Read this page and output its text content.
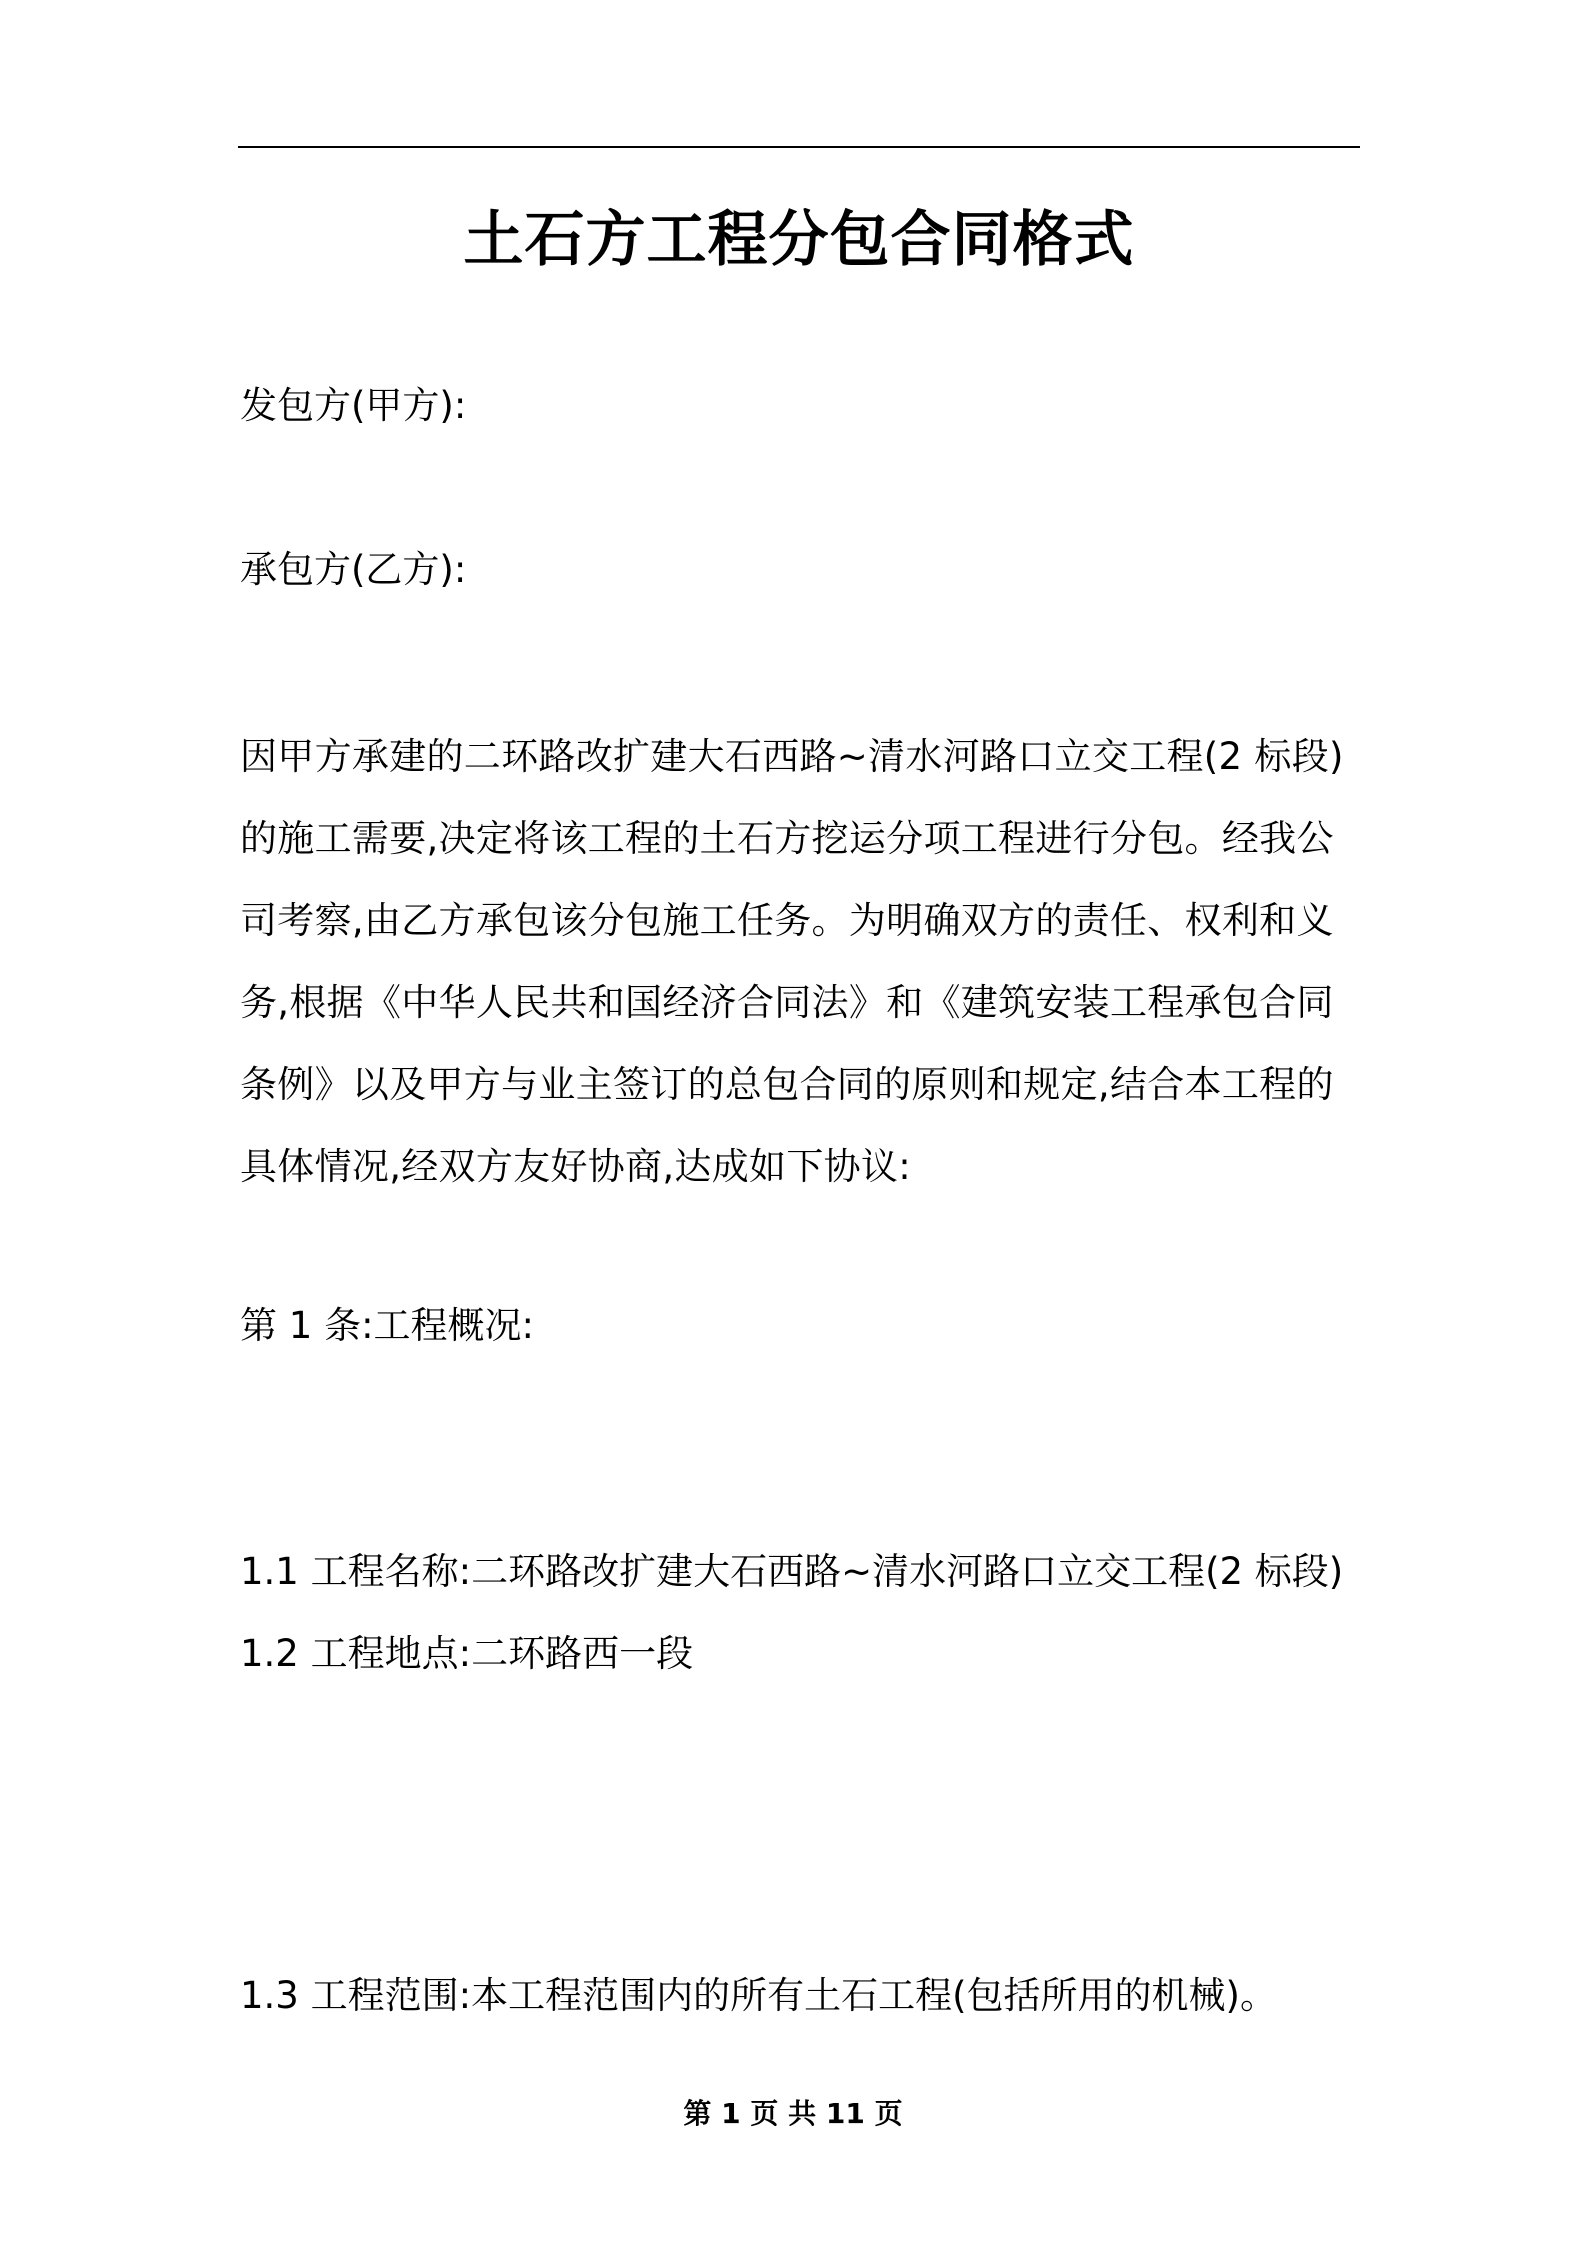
土石方工程分包合同格式
发包方(甲方):
承包方(乙方):
因甲方承建的二环路改扩建大石西路~清水河路口立交工程(2 标段)
的施工需要,决定将该工程的土石方挖运分项工程进行分包。经我公
司考察,由乙方承包该分包施工任务。为明确双方的责任、权利和义
务,根据《中华人民共和国经济合同法》和《建筑安装工程承包合同
条例》以及甲方与业主签订的总包合同的原则和规定,结合本工程的
具体情况,经双方友好协商,达成如下协议:
第 1 条:工程概况:
1.1 工程名称:二环路改扩建大石西路~清水河路口立交工程(2 标段)
1.2 工程地点:二环路西一段
1.3 工程范围:本工程范围内的所有土石工程(包括所用的机械)。
第 1 页 共 11 页
